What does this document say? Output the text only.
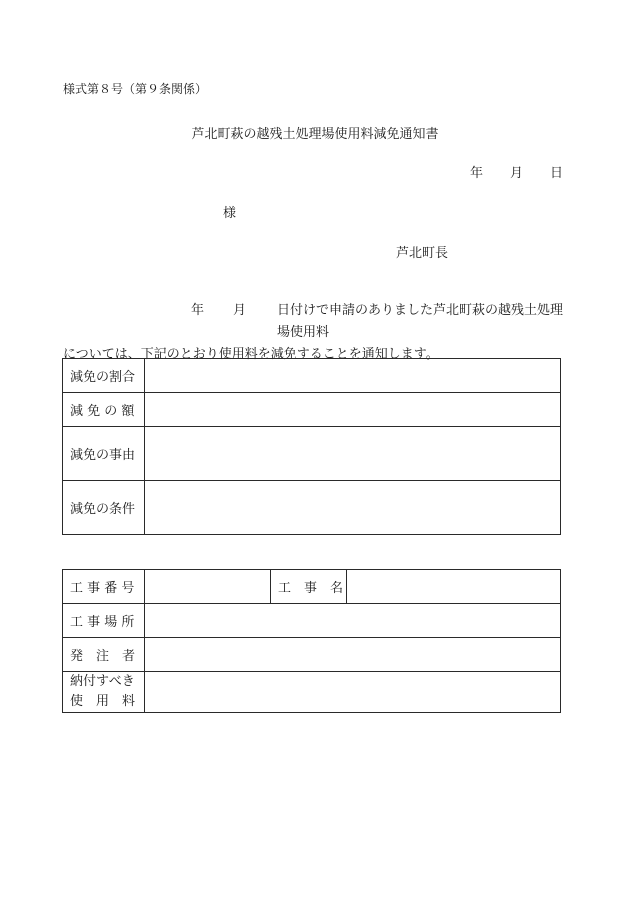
様式第８号（第９条関係）
芦北町萩の越残土処理場使用料減免通知書
年	月	日
様
芦北町長
年	月	日付けで申請のありました芦北町萩の越残土処理場使用料
については、下記のとおり使用料を減免することを通知します。
減免の割合	
減 免 の 額	
減免の事由	
減免の条件	
工 事 番 号		工　事　名	
工 事 場 所			
発　注　者			

納付すべき
使　用　料			
